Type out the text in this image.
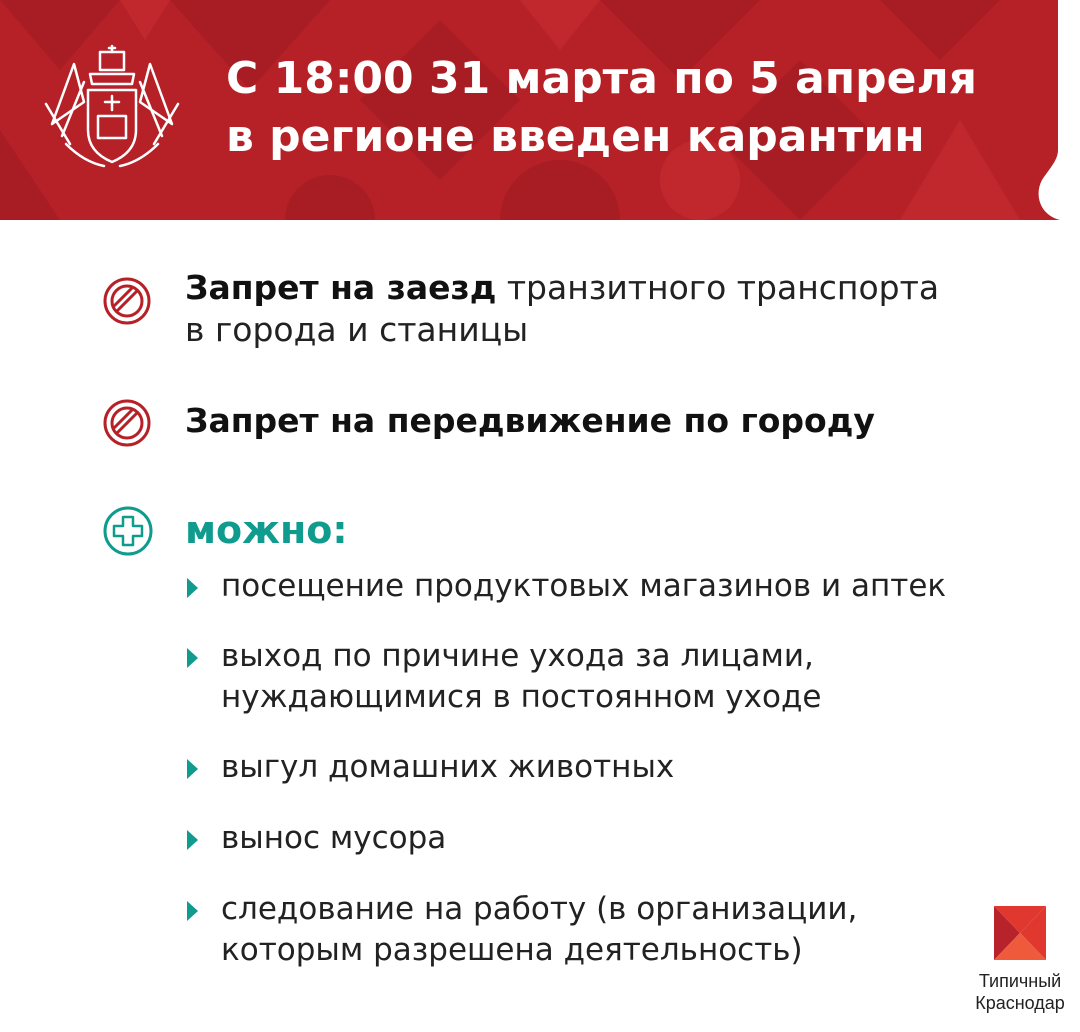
С 18:00 31 марта по 5 апреля
в регионе введен карантин
Запрет на заезд транзитного транспорта
в города и станицы
Запрет на передвижение по городу
можно:
посещение продуктовых магазинов и аптек
выход по причине ухода за лицами,
нуждающимися в постоянном уходе
выгул домашних животных
вынос мусора
следование на работу (в организации,
которым разрешена деятельность)
Типичный
Краснодар
